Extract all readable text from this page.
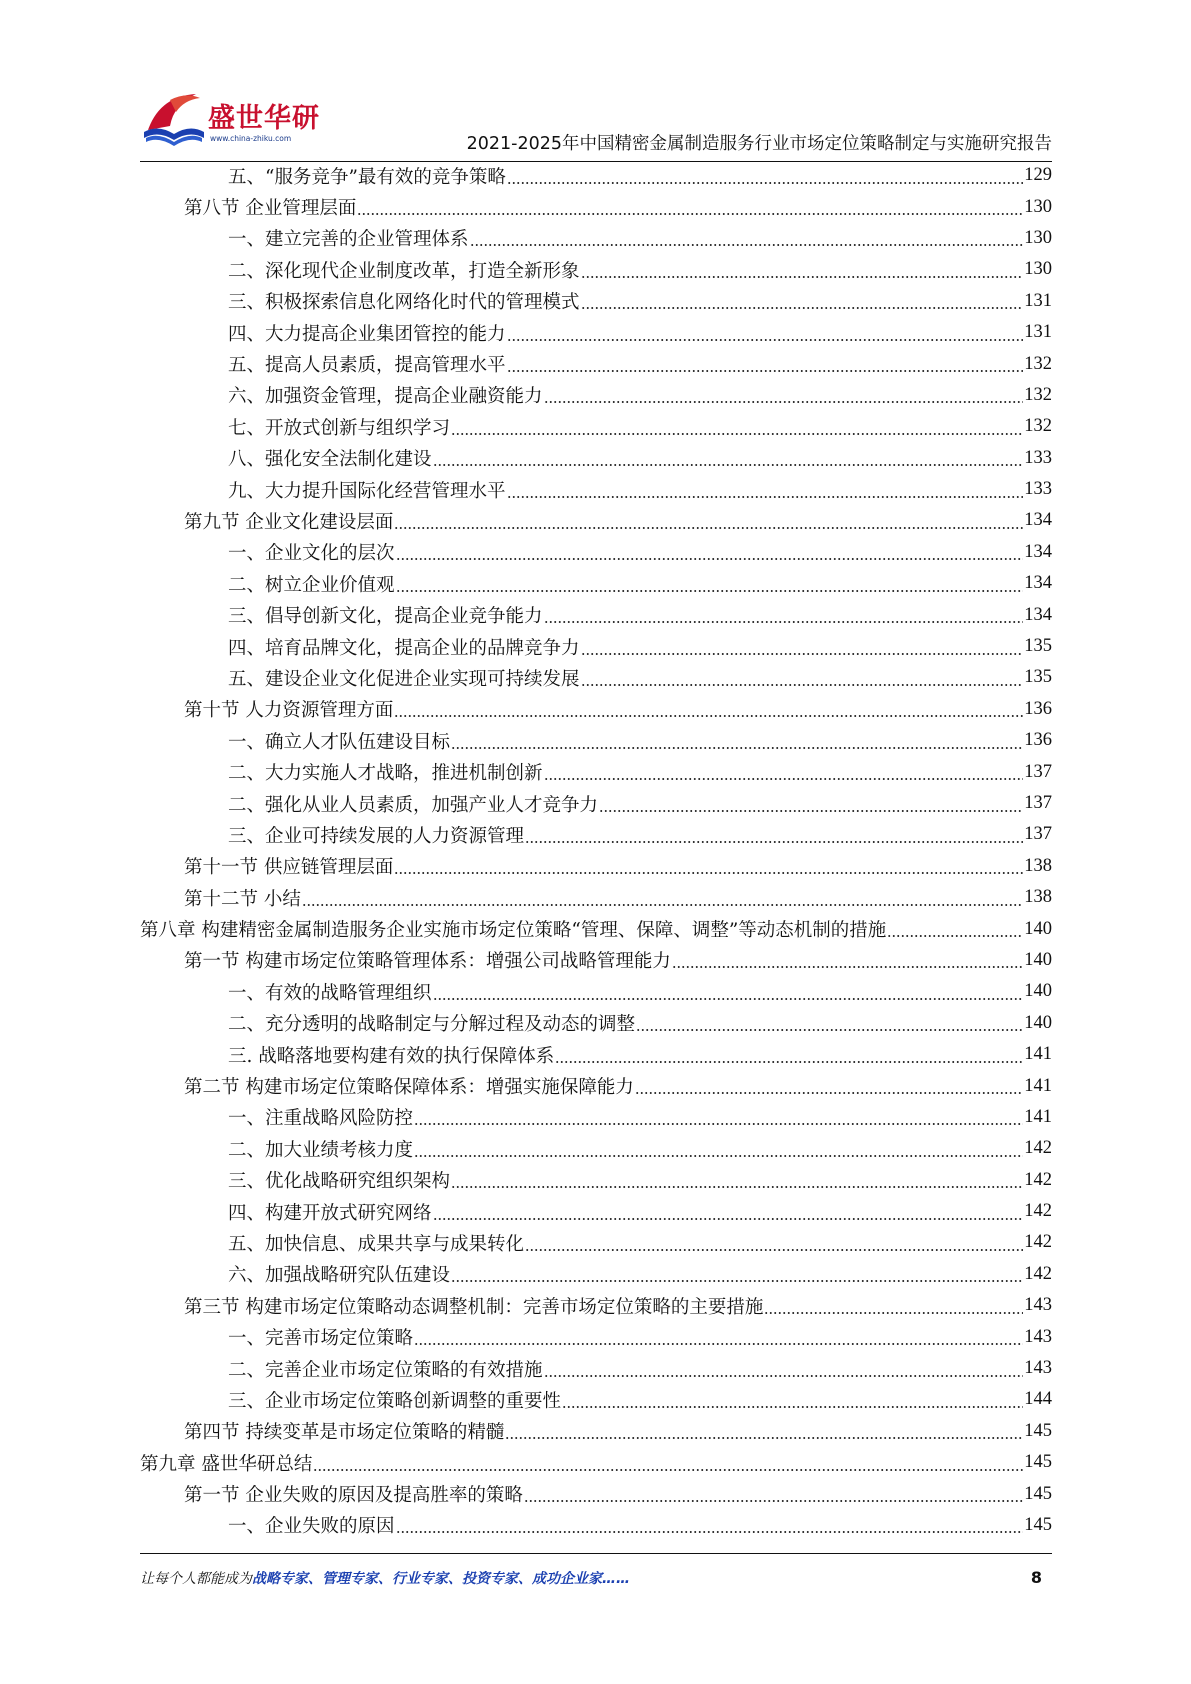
盛世华研
www.china-zhiku.com	2021-2025年中国精密金属制造服务行业市场定位策略制定与实施研究报告
五、“服务竞争”最有效的竞争策略	129
第八节 企业管理层面	130
一、建立完善的企业管理体系	130
二、深化现代企业制度改革，打造全新形象	130
三、积极探索信息化网络化时代的管理模式	131
四、大力提高企业集团管控的能力	131
五、提高人员素质，提高管理水平	132
六、加强资金管理，提高企业融资能力	132
七、开放式创新与组织学习	132
八、强化安全法制化建设	133
九、大力提升国际化经营管理水平	133
第九节 企业文化建设层面	134
一、企业文化的层次	134
二、树立企业价值观	134
三、倡导创新文化，提高企业竞争能力	134
四、培育品牌文化，提高企业的品牌竞争力	135
五、建设企业文化促进企业实现可持续发展	135
第十节 人力资源管理方面	136
一、确立人才队伍建设目标	136
二、大力实施人才战略，推进机制创新	137
二、强化从业人员素质，加强产业人才竞争力	137
三、企业可持续发展的人力资源管理	137
第十一节 供应链管理层面	138
第十二节 小结	138
第八章 构建精密金属制造服务企业实施市场定位策略“管理、保障、调整”等动态机制的措施	140
第一节 构建市场定位策略管理体系：增强公司战略管理能力	140
一、有效的战略管理组织	140
二、充分透明的战略制定与分解过程及动态的调整	140
三. 战略落地要构建有效的执行保障体系	141
第二节 构建市场定位策略保障体系：增强实施保障能力	141
一、注重战略风险防控	141
二、加大业绩考核力度	142
三、优化战略研究组织架构	142
四、构建开放式研究网络	142
五、加快信息、成果共享与成果转化	142
六、加强战略研究队伍建设	142
第三节 构建市场定位策略动态调整机制：完善市场定位策略的主要措施	143
一、完善市场定位策略	143
二、完善企业市场定位策略的有效措施	143
三、企业市场定位策略创新调整的重要性	144
第四节 持续变革是市场定位策略的精髓	145
第九章 盛世华研总结	145
第一节 企业失败的原因及提高胜率的策略	145
一、企业失败的原因	145
让每个人都能成为战略专家、管理专家、行业专家、投资专家、成功企业家……	8
